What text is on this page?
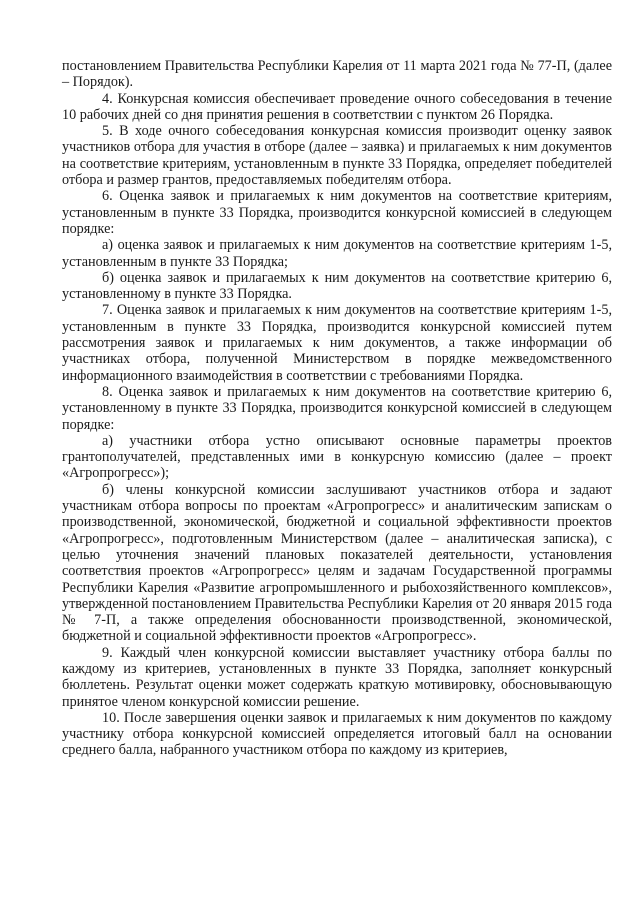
постановлением Правительства Республики Карелия от 11 марта 2021 года № 77-П, (далее – Порядок).

4. Конкурсная комиссия обеспечивает проведение очного собеседования в течение 10 рабочих дней со дня принятия решения в соответствии с пунктом 26 Порядка.

5. В ходе очного собеседования конкурсная комиссия производит оценку заявок участников отбора для участия в отборе (далее – заявка) и прилагаемых к ним документов на соответствие критериям, установленным в пункте 33 Порядка, определяет победителей отбора и размер грантов, предоставляемых победителям отбора.

6. Оценка заявок и прилагаемых к ним документов на соответствие критериям, установленным в пункте 33 Порядка, производится конкурсной комиссией в следующем порядке:

а) оценка заявок и прилагаемых к ним документов на соответствие критериям 1-5, установленным в пункте 33 Порядка;

б) оценка заявок и прилагаемых к ним документов на соответствие критерию 6, установленному в пункте 33 Порядка.

7. Оценка заявок и прилагаемых к ним документов на соответствие критериям 1-5, установленным в пункте 33 Порядка, производится конкурсной комиссией путем рассмотрения заявок и прилагаемых к ним документов, а также информации об участниках отбора, полученной Министерством в порядке межведомственного информационного взаимодействия в соответствии с требованиями Порядка.

8. Оценка заявок и прилагаемых к ним документов на соответствие критерию 6, установленному в пункте 33 Порядка, производится конкурсной комиссией в следующем порядке:

а) участники отбора устно описывают основные параметры проектов грантополучателей, представленных ими в конкурсную комиссию (далее – проект «Агропрогресс»);

б) члены конкурсной комиссии заслушивают участников отбора и задают участникам отбора вопросы по проектам «Агропрогресс» и аналитическим запискам о производственной, экономической, бюджетной и социальной эффективности проектов «Агропрогресс», подготовленным Министерством (далее – аналитическая записка), с целью уточнения значений плановых показателей деятельности, установления соответствия проектов «Агропрогресс» целям и задачам Государственной программы Республики Карелия «Развитие агропромышленного и рыбохозяйственного комплексов», утвержденной постановлением Правительства Республики Карелия от 20 января 2015 года № 7-П, а также определения обоснованности производственной, экономической, бюджетной и социальной эффективности проектов «Агропрогресс».

9. Каждый член конкурсной комиссии выставляет участнику отбора баллы по каждому из критериев, установленных в пункте 33 Порядка, заполняет конкурсный бюллетень. Результат оценки может содержать краткую мотивировку, обосновывающую принятое членом конкурсной комиссии решение.

10. После завершения оценки заявок и прилагаемых к ним документов по каждому участнику отбора конкурсной комиссией определяется итоговый балл на основании среднего балла, набранного участником отбора по каждому из критериев,
